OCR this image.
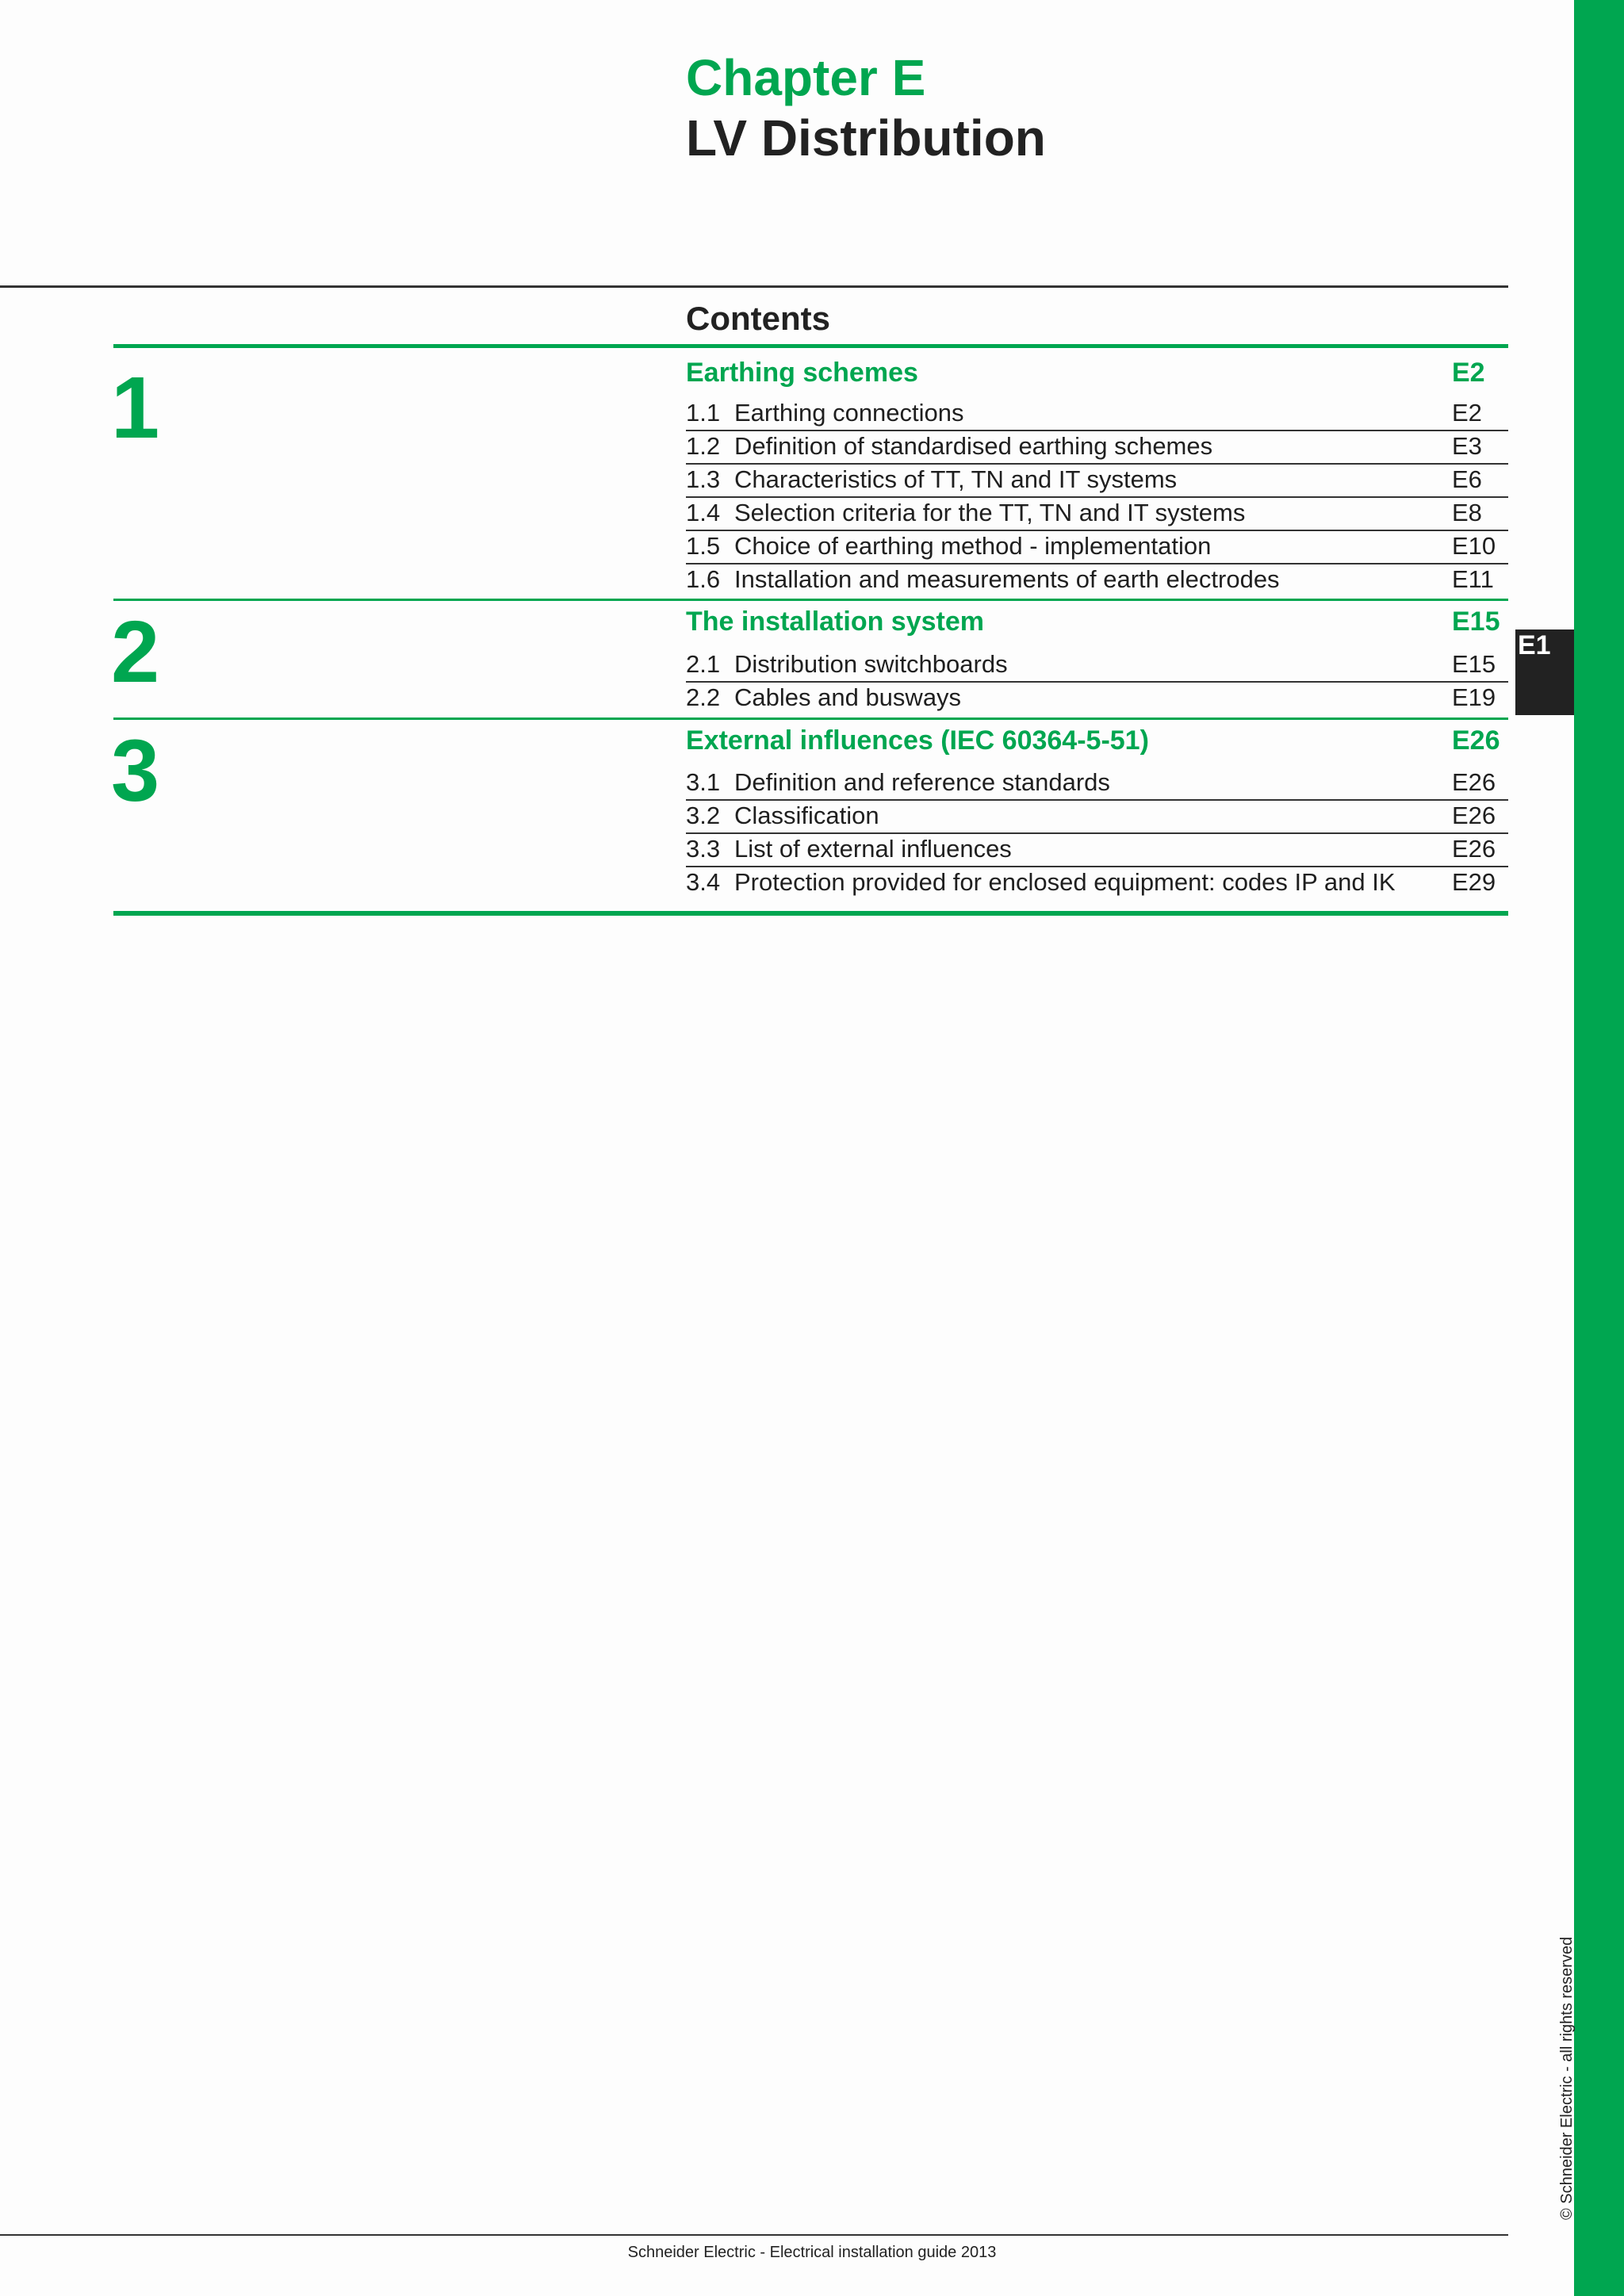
Chapter E
LV Distribution
Contents
1	Earthing schemes	E2
1.1 Earthing connections	E2
1.2 Definition of standardised earthing schemes	E3
1.3 Characteristics of TT, TN and IT systems	E6
1.4 Selection criteria for the TT, TN and IT systems	E8
1.5 Choice of earthing method - implementation	E10
1.6 Installation and measurements of earth electrodes	E11
2	The installation system	E15
2.1 Distribution switchboards	E15
2.2 Cables and busways	E19
3	External influences (IEC 60364-5-51)	E26
3.1 Definition and reference standards	E26
3.2 Classification	E26
3.3 List of external influences	E26
3.4 Protection provided for enclosed equipment: codes IP and IK E29
E1
© Schneider Electric - all rights reserved
Schneider Electric - Electrical installation guide 2013
